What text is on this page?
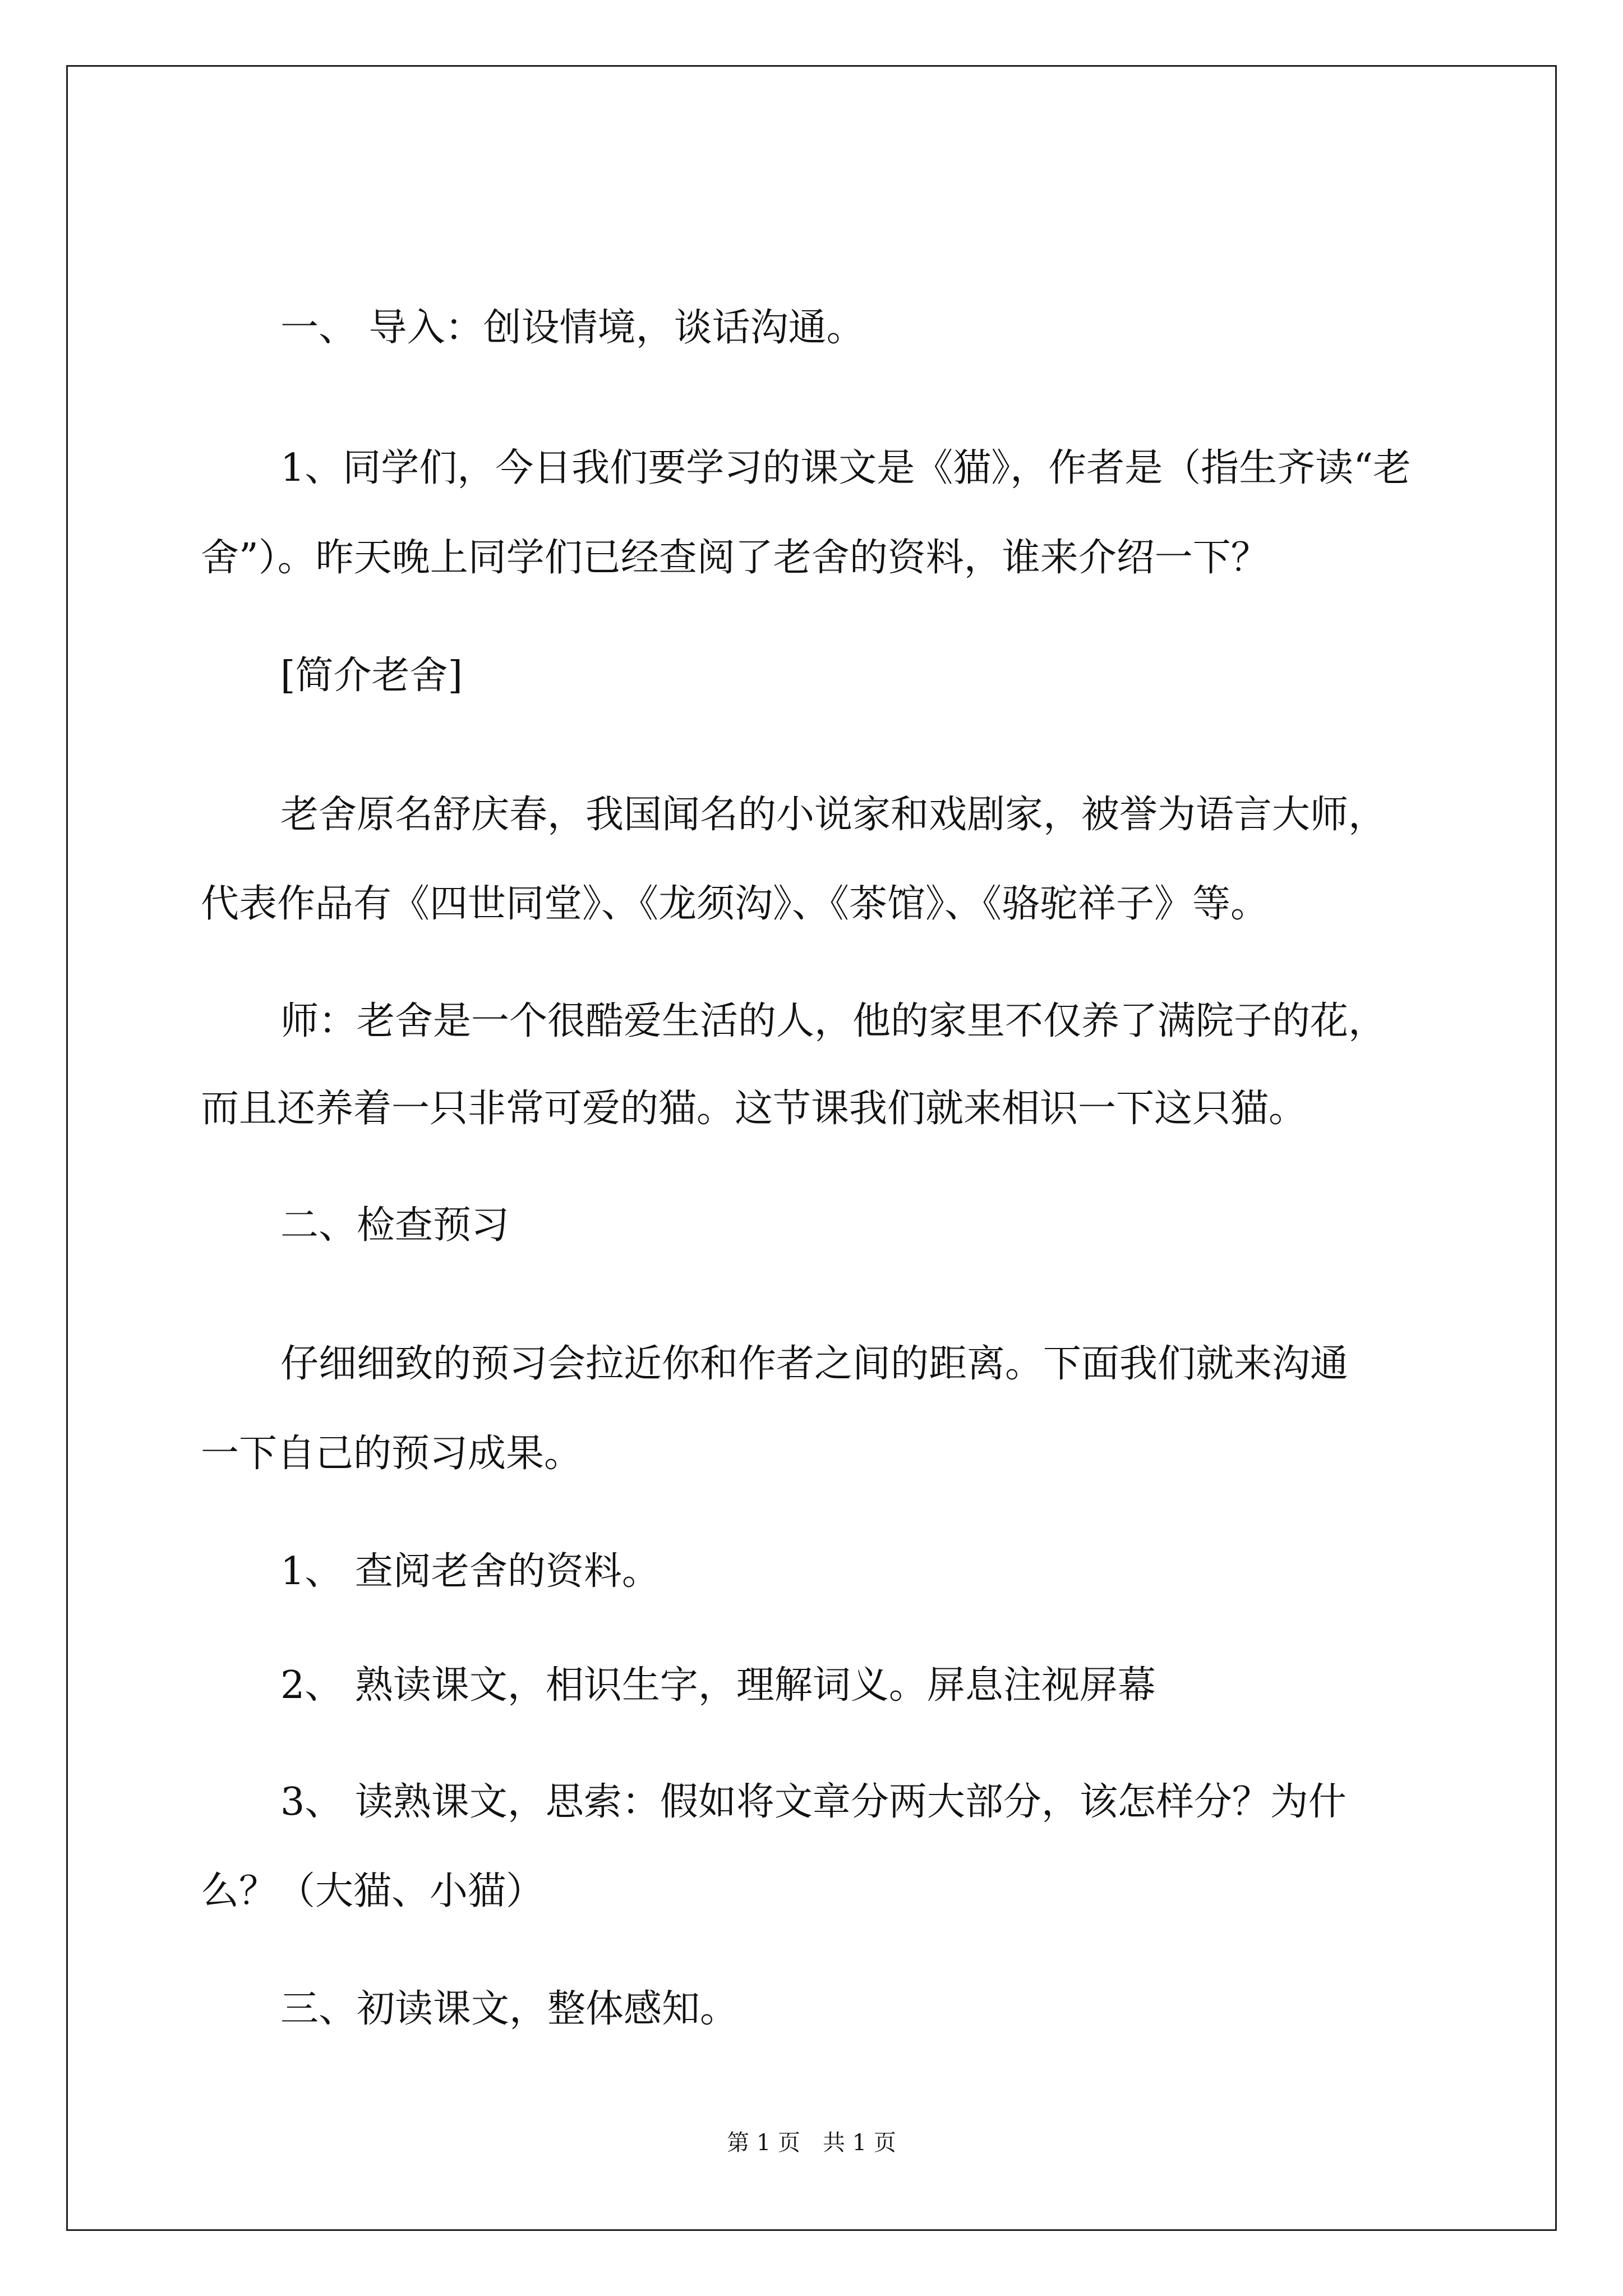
一、 导入：创设情境，谈话沟通。
1、同学们，今日我们要学习的课文是《猫》，作者是（指生齐读“老
舍”）。昨天晚上同学们已经查阅了老舍的资料，谁来介绍一下？
[简介老舍]
老舍原名舒庆春，我国闻名的小说家和戏剧家，被誉为语言大师，
代表作品有《四世同堂》、《龙须沟》、《茶馆》、《骆驼祥子》等。
师：老舍是一个很酷爱生活的人，他的家里不仅养了满院子的花，
而且还养着一只非常可爱的猫。这节课我们就来相识一下这只猫。
二、检查预习
仔细细致的预习会拉近你和作者之间的距离。下面我们就来沟通
一下自己的预习成果。
1、 查阅老舍的资料。
2、 熟读课文，相识生字，理解词义。屏息注视屏幕
3、 读熟课文，思索：假如将文章分两大部分，该怎样分？为什
么？（大猫、小猫）
三、初读课文，整体感知。
第 1 页　共 1 页
